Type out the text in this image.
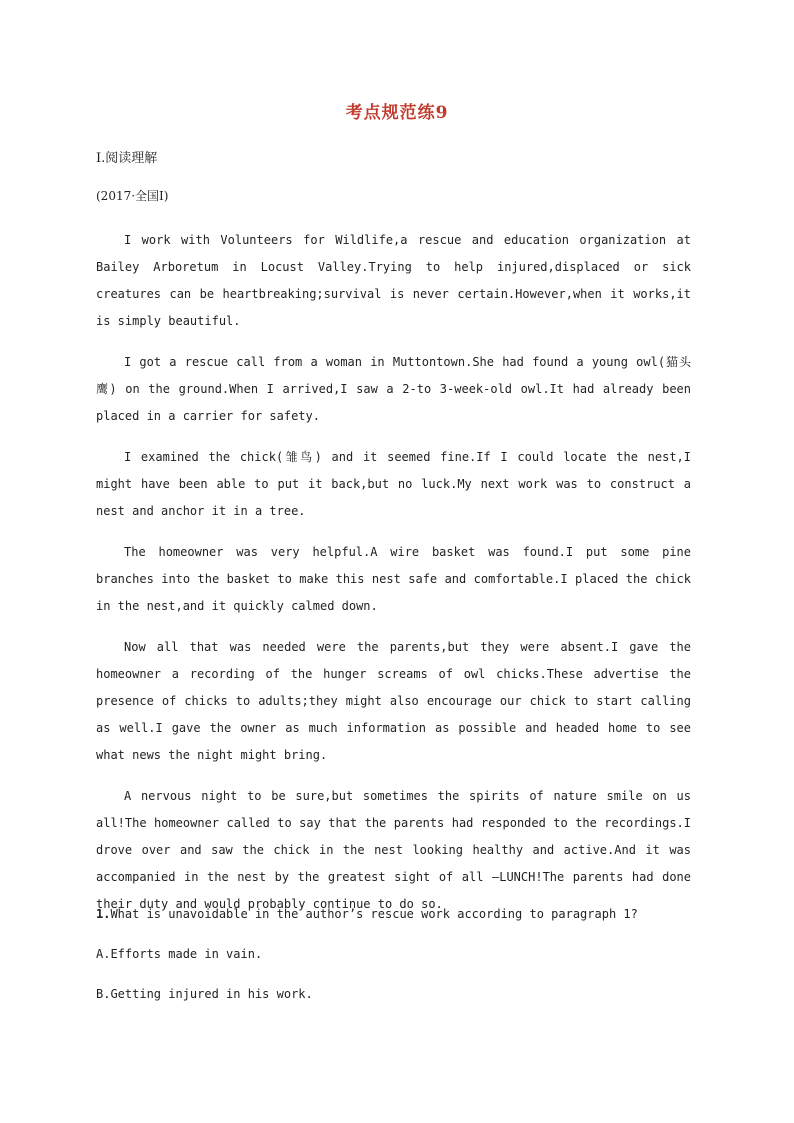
考点规范练9
Ⅰ.阅读理解
(2017·全国Ⅰ)

I work with Volunteers for Wildlife,a rescue and education organization at Bailey Arboretum in Locust Valley.Trying to help injured,displaced or sick creatures can be heartbreaking;survival is never certain.However,when it works,it is simply beautiful.

I got a rescue call from a woman in Muttontown.She had found a young owl(猫头鹰) on the ground.When I arrived,I saw a 2-to 3-week-old owl.It had already been placed in a carrier for safety.

I examined the chick(雏鸟) and it seemed fine.If I could locate the nest,I might have been able to put it back,but no luck.My next work was to construct a nest and anchor it in a tree.

The homeowner was very helpful.A wire basket was found.I put some pine branches into the basket to make this nest safe and comfortable.I placed the chick in the nest,and it quickly calmed down.

Now all that was needed were the parents,but they were absent.I gave the homeowner a recording of the hunger screams of owl chicks.These advertise the presence of chicks to adults;they might also encourage our chick to start calling as well.I gave the owner as much information as possible and headed home to see what news the night might bring.

A nervous night to be sure,but sometimes the spirits of nature smile on us all!The homeowner called to say that the parents had responded to the recordings.I drove over and saw the chick in the nest looking healthy and active.And it was accompanied in the nest by the greatest sight of all —LUNCH!The parents had done their duty and would probably continue to do so.

1.What is unavoidable in the author’s rescue work according to paragraph 1?
A.Efforts made in vain.
B.Getting injured in his work.
